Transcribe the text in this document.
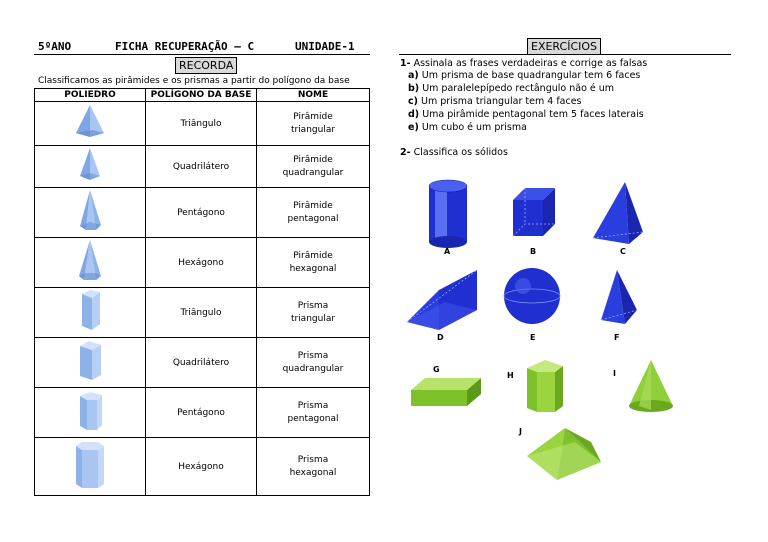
5ºANO	FICHA RECUPERAÇÃO – C	UNIDADE-1
RECORDA
Classificamos as pirâmides e os prismas a partir do polígono da base
POLIEDRO	POLÍGONO DA BASE	NOME
	Triângulo	Pirâmide
triangular

	Quadrilátero	Pirâmide
quadrangular

	Pentágono	Pirâmide
pentagonal

	Hexágono	Pirâmide
hexagonal

	Triângulo	Prisma
triangular

	Quadrilátero	Prisma
quadrangular

	Pentágono	Prisma
pentagonal

	Hexágono	Prisma
hexagonal
EXERCÍCIOS
1- Assinala as frases verdadeiras e corrige as falsas
a) Um prisma de base quadrangular tem 6 faces
b) Um paralelepípedo rectângulo não é um
c) Um prisma triangular tem 4 faces
d) Uma pirâmide pentagonal tem 5 faces laterais
e) Um cubo é um prisma
2- Classifica os sólidos
A	B	C
D	E	F
G
H	I
J
